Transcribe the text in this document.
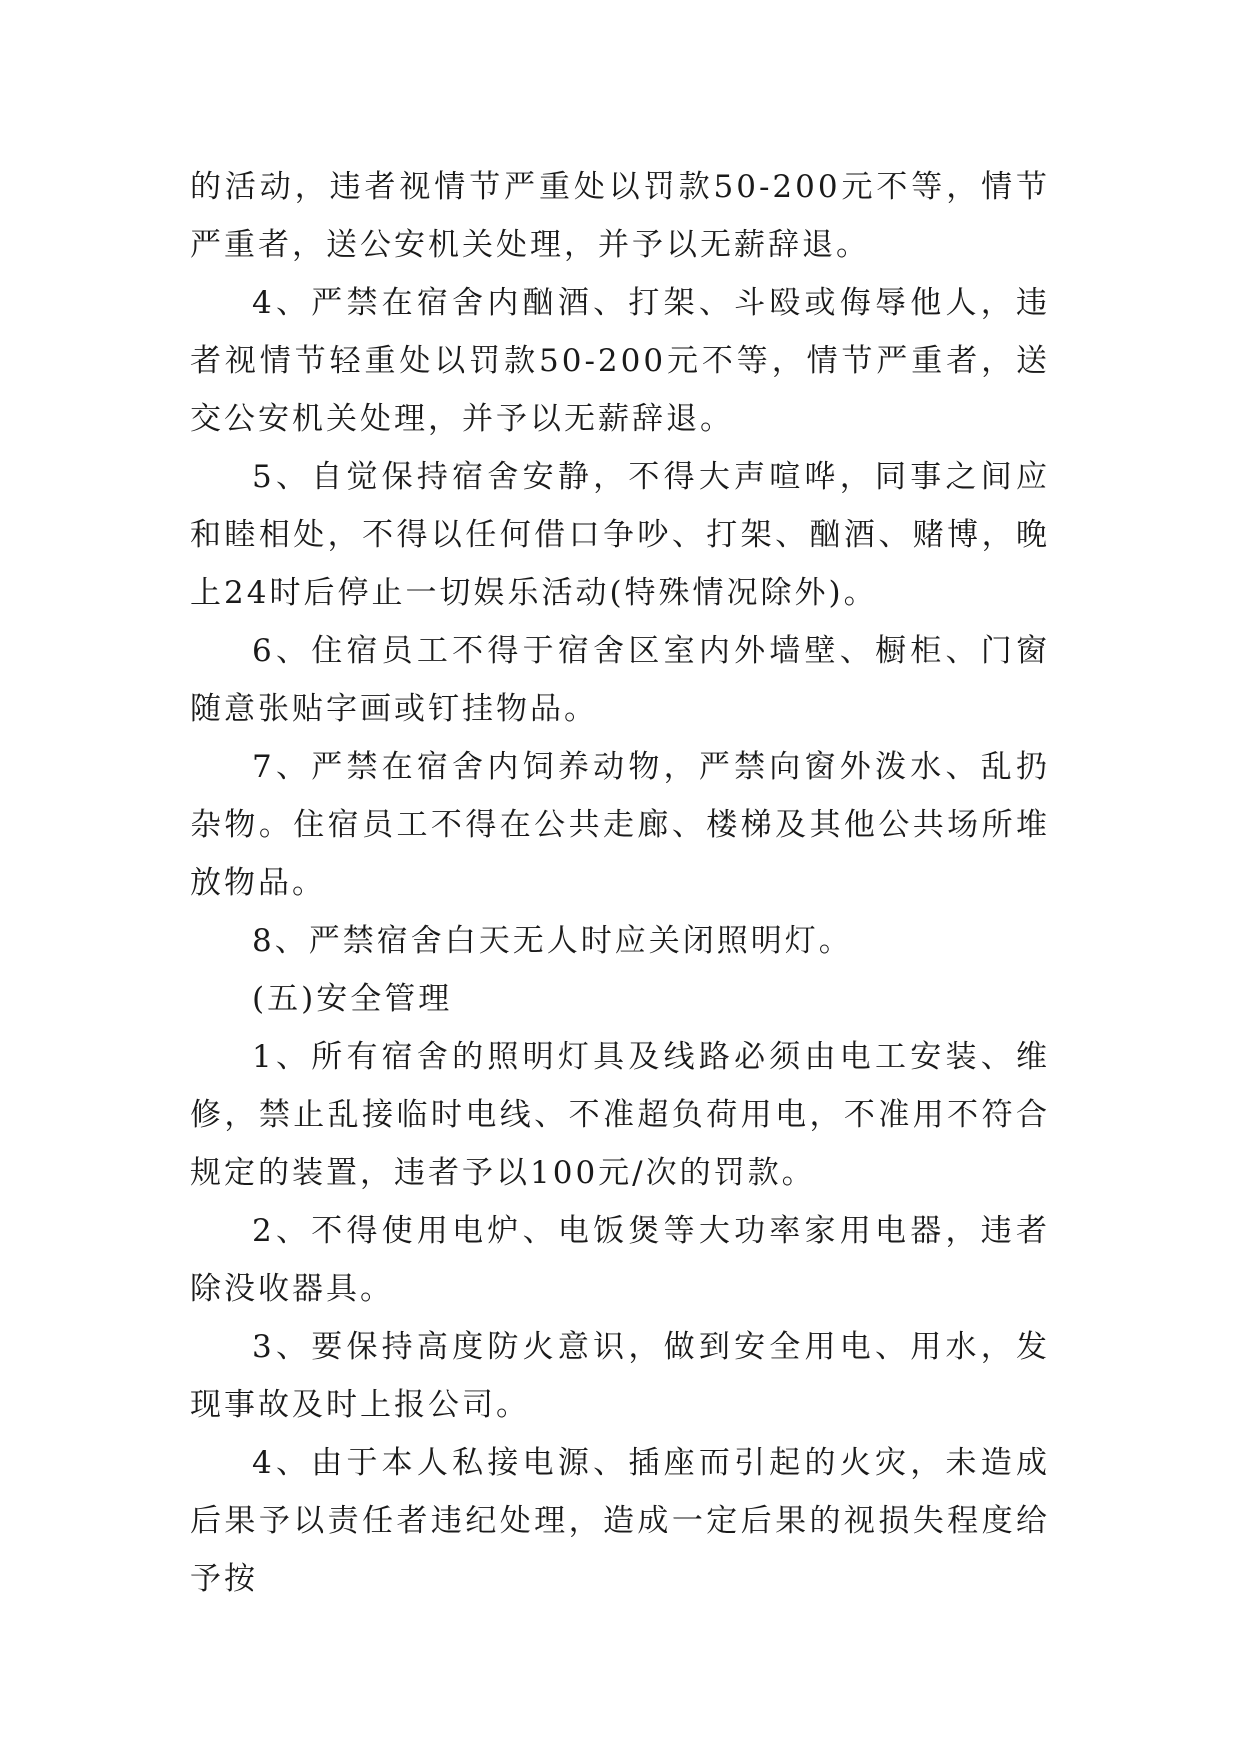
的活动，违者视情节严重处以罚款50-200元不等，情节严重者，送公安机关处理，并予以无薪辞退。

4、严禁在宿舍内酗酒、打架、斗殴或侮辱他人，违者视情节轻重处以罚款50-200元不等，情节严重者，送交公安机关处理，并予以无薪辞退。

5、自觉保持宿舍安静，不得大声喧哗，同事之间应和睦相处，不得以任何借口争吵、打架、酗酒、赌博，晚上24时后停止一切娱乐活动(特殊情况除外)。

6、住宿员工不得于宿舍区室内外墙壁、橱柜、门窗随意张贴字画或钉挂物品。

7、严禁在宿舍内饲养动物，严禁向窗外泼水、乱扔杂物。住宿员工不得在公共走廊、楼梯及其他公共场所堆放物品。

8、严禁宿舍白天无人时应关闭照明灯。

(五)安全管理

1、所有宿舍的照明灯具及线路必须由电工安装、维修，禁止乱接临时电线、不准超负荷用电，不准用不符合规定的装置，违者予以100元/次的罚款。

2、不得使用电炉、电饭煲等大功率家用电器，违者除没收器具。

3、要保持高度防火意识，做到安全用电、用水，发现事故及时上报公司。

4、由于本人私接电源、插座而引起的火灾，未造成后果予以责任者违纪处理，造成一定后果的视损失程度给予按
